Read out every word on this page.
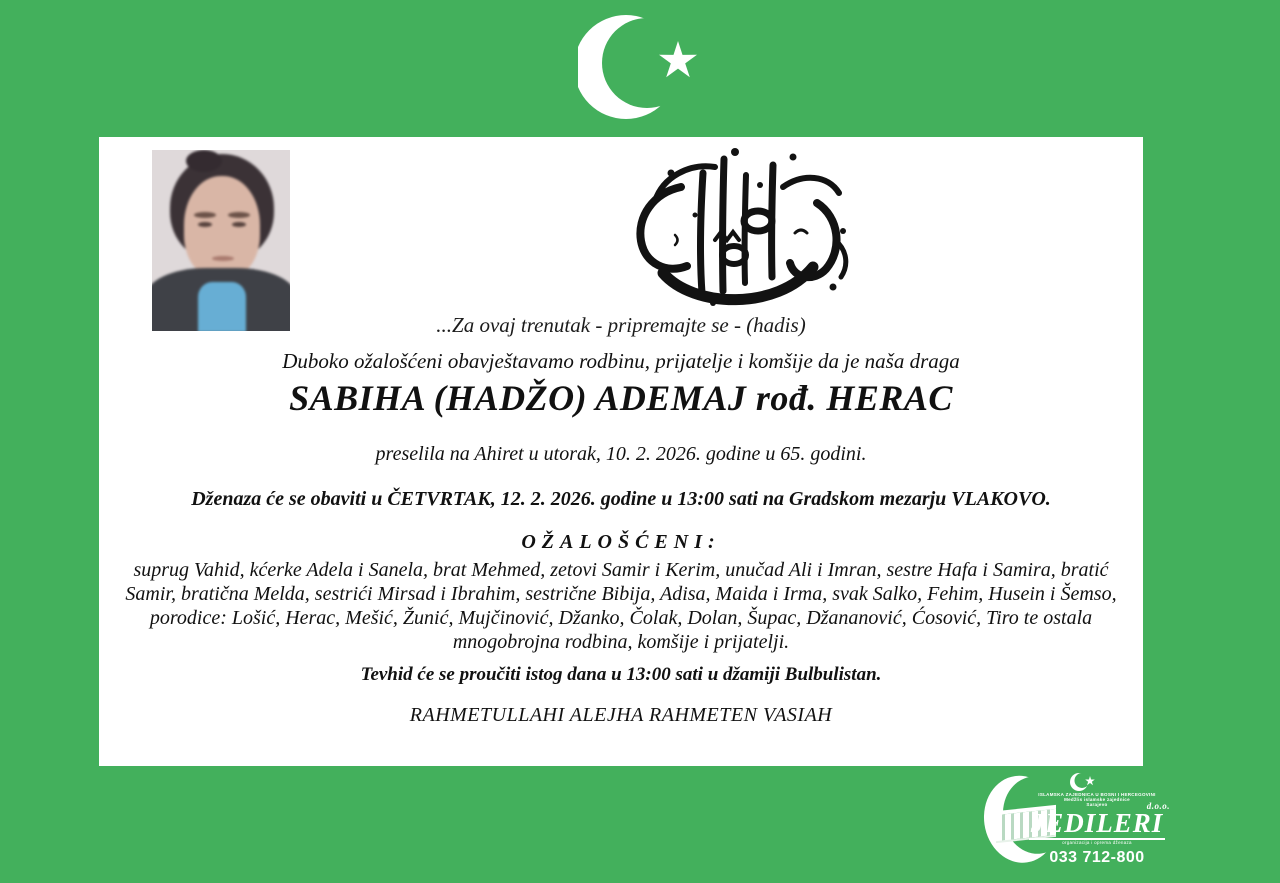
١٤٣٠
...Za ovaj trenutak - pripremajte se - (hadis)
Duboko ožalošćeni obavještavamo rodbinu, prijatelje i komšije da je naša draga
SABIHA (HADŽO) ADEMAJ rođ. HERAC
preselila na Ahiret u utorak, 10. 2. 2026. godine u 65. godini.
Dženaza će se obaviti u ČETVRTAK, 12. 2. 2026. godine u 13:00 sati na Gradskom mezarju VLAKOVO.
OŽALOŠĆENI:
suprug Vahid, kćerke Adela i Sanela, brat Mehmed, zetovi Samir i Kerim, unučad Ali i Imran, sestre Hafa i Samira, bratić Samir, bratična Melda, sestrići Mirsad i Ibrahim, sestrične Bibija, Adisa, Maida i Irma, svak Salko, Fehim, Husein i Šemso, porodice: Lošić, Herac, Mešić, Žunić, Mujčinović, Džanko, Čolak, Dolan, Šupac, Džananović, Ćosović, Tiro te ostala mnogobrojna rodbina, komšije i prijatelji.
Tevhid će se proučiti istog dana u 13:00 sati u džamiji Bulbulistan.
RAHMETULLAHI ALEJHA RAHMETEN VASIAH
ISLAMSKA ZAJEDNICA U BOSNI I HERCEGOVINI
Medžlis islamske zajednice
Sarajevo
JEDILERI
d.o.o.
organizacija i oprema dženaza
033 712-800
